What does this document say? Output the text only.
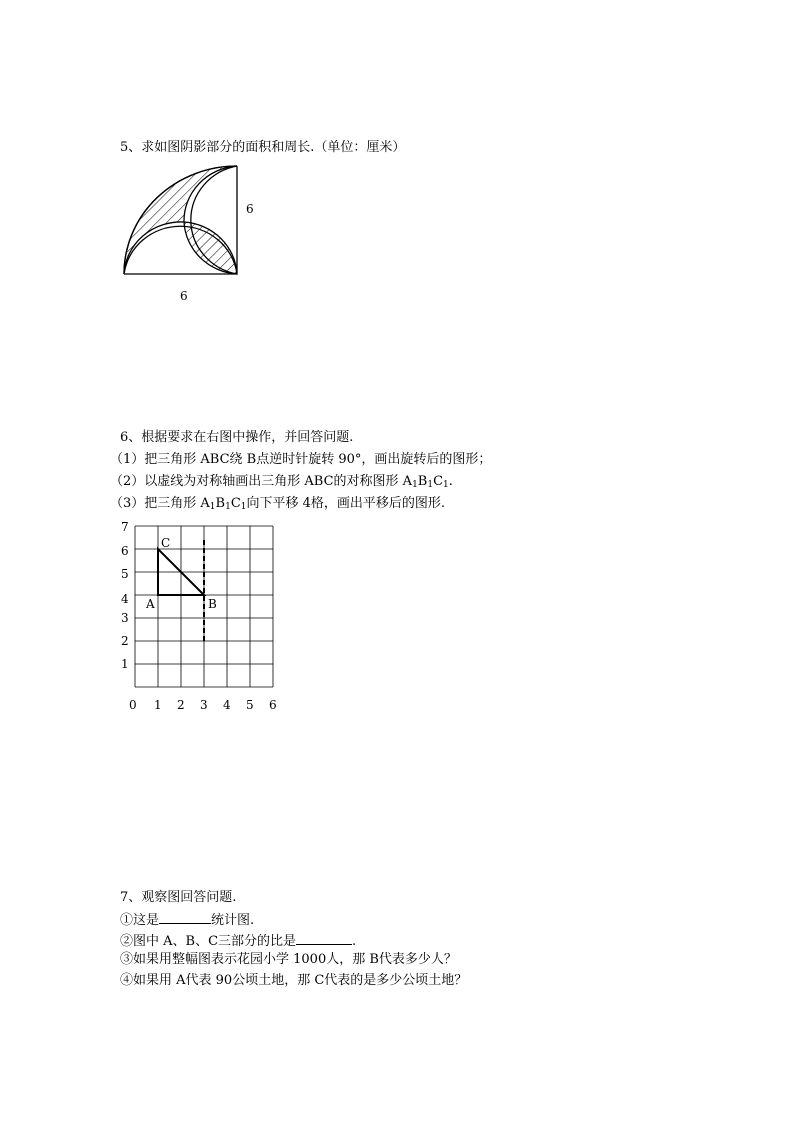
5、求如图阴影部分的面积和周长.（单位：厘米）
6
6
6、根据要求在右图中操作，并回答问题.
（1）把三角形 ABC绕 B点逆时针旋转 90°，画出旋转后的图形；
（2）以虚线为对称轴画出三角形 ABC的对称图形 $A_1B_1C_1$.
（3）把三角形 $A_1B_1C_1$向下平移 4格，画出平移后的图形.
C
A	B
7
6
5
4
3
2
1
0 1 2 3 4 5 6
7、观察图回答问题.
①这是	统计图.
②图中 A、B、C三部分的比是	.
③如果用整幅图表示花园小学 1000人，那 B代表多少人？
④如果用 A代表 90公顷土地，那 C代表的是多少公顷土地？
